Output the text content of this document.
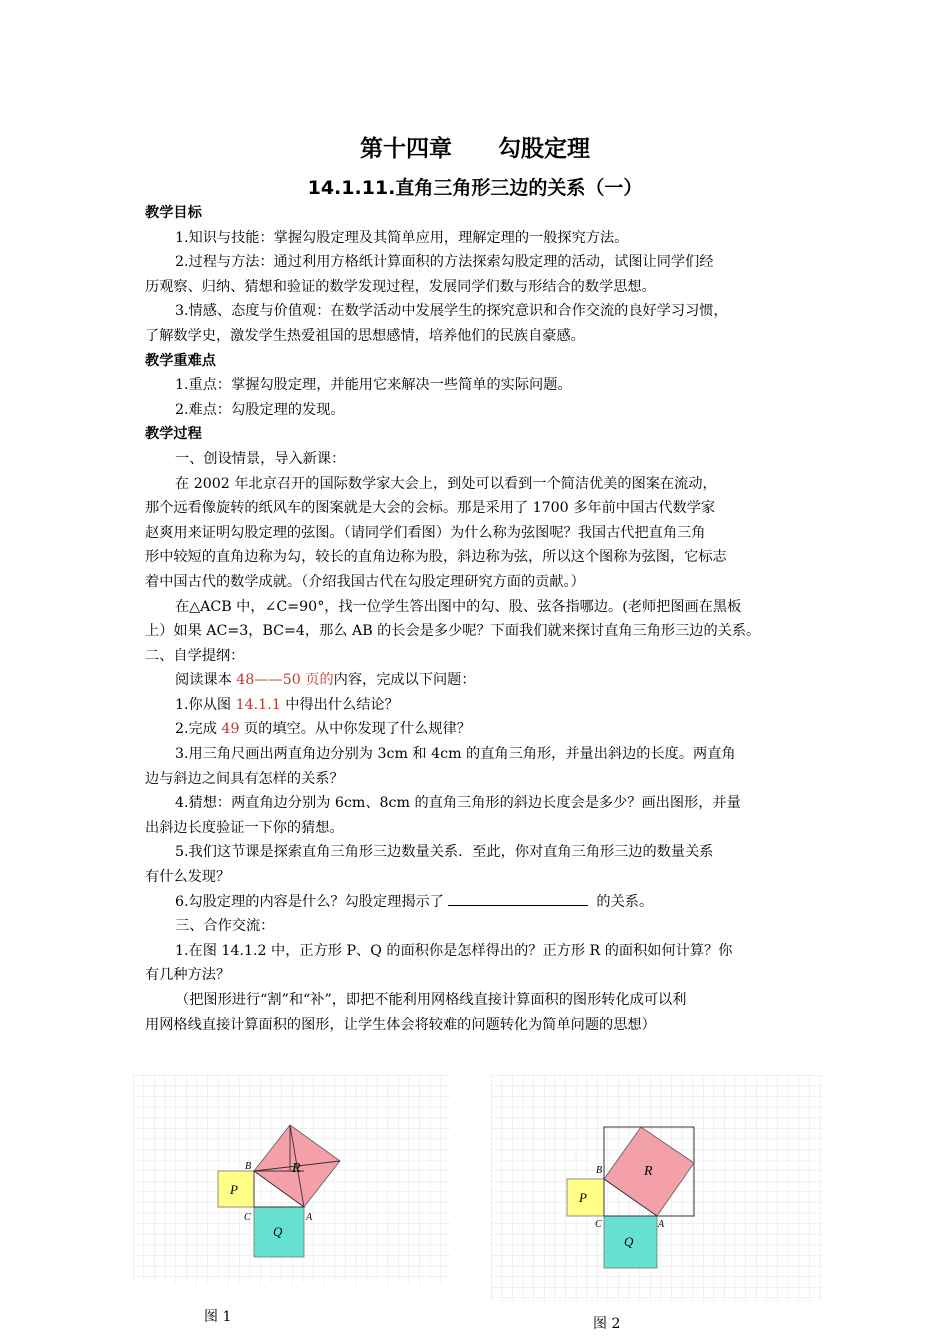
第十四章　　勾股定理
14.1.11.直角三角形三边的关系（一）
教学目标
1.知识与技能：掌握勾股定理及其简单应用，理解定理的一般探究方法。
2.过程与方法：通过利用方格纸计算面积的方法探索勾股定理的活动，试图让同学们经
历观察、归纳、猜想和验证的数学发现过程，发展同学们数与形结合的数学思想。
3.情感、态度与价值观：在数学活动中发展学生的探究意识和合作交流的良好学习习惯，
了解数学史，激发学生热爱祖国的思想感情，培养他们的民族自豪感。
教学重难点
1.重点：掌握勾股定理，并能用它来解决一些简单的实际问题。
2.难点：勾股定理的发现。
教学过程
一、创设情景，导入新课：
在 2002 年北京召开的国际数学家大会上，到处可以看到一个简洁优美的图案在流动，
那个远看像旋转的纸风车的图案就是大会的会标。那是采用了 1700 多年前中国古代数学家
赵爽用来证明勾股定理的弦图。（请同学们看图）为什么称为弦图呢？我国古代把直角三角
形中较短的直角边称为勾，较长的直角边称为股，斜边称为弦，所以这个图称为弦图，它标志
着中国古代的数学成就。（介绍我国古代在勾股定理研究方面的贡献。）
在△ACB 中，∠C=90°，找一位学生答出图中的勾、股、弦各指哪边。(老师把图画在黑板
上）如果 AC=3，BC=4，那么 AB 的长会是多少呢？下面我们就来探讨直角三角形三边的关系。
二、自学提纲：
阅读课本 48——50 页的内容，完成以下问题：
1.你从图 14.1.1 中得出什么结论？
2.完成 49 页的填空。从中你发现了什么规律？
3.用三角尺画出两直角边分别为 3cm 和 4cm 的直角三角形，并量出斜边的长度。两直角
边与斜边之间具有怎样的关系？
4.猜想：两直角边分别为 6cm、8cm 的直角三角形的斜边长度会是多少？画出图形，并量
出斜边长度验证一下你的猜想。
5.我们这节课是探索直角三角形三边数量关系．至此，你对直角三角形三边的数量关系
有什么发现？
6.勾股定理的内容是什么？勾股定理揭示了	的关系。
三、合作交流：
1.在图 14.1.2 中，正方形 P、Q 的面积你是怎样得出的？正方形 R 的面积如何计算？你
有几种方法？
（把图形进行“割”和“补”，即把不能利用网格线直接计算面积的图形转化成可以利
用网格线直接计算面积的图形，让学生体会将较难的问题转化为简单问题的思想）
R
P
Q
B
C	A
图 1
R
P
Q
B
C	A
图 2
